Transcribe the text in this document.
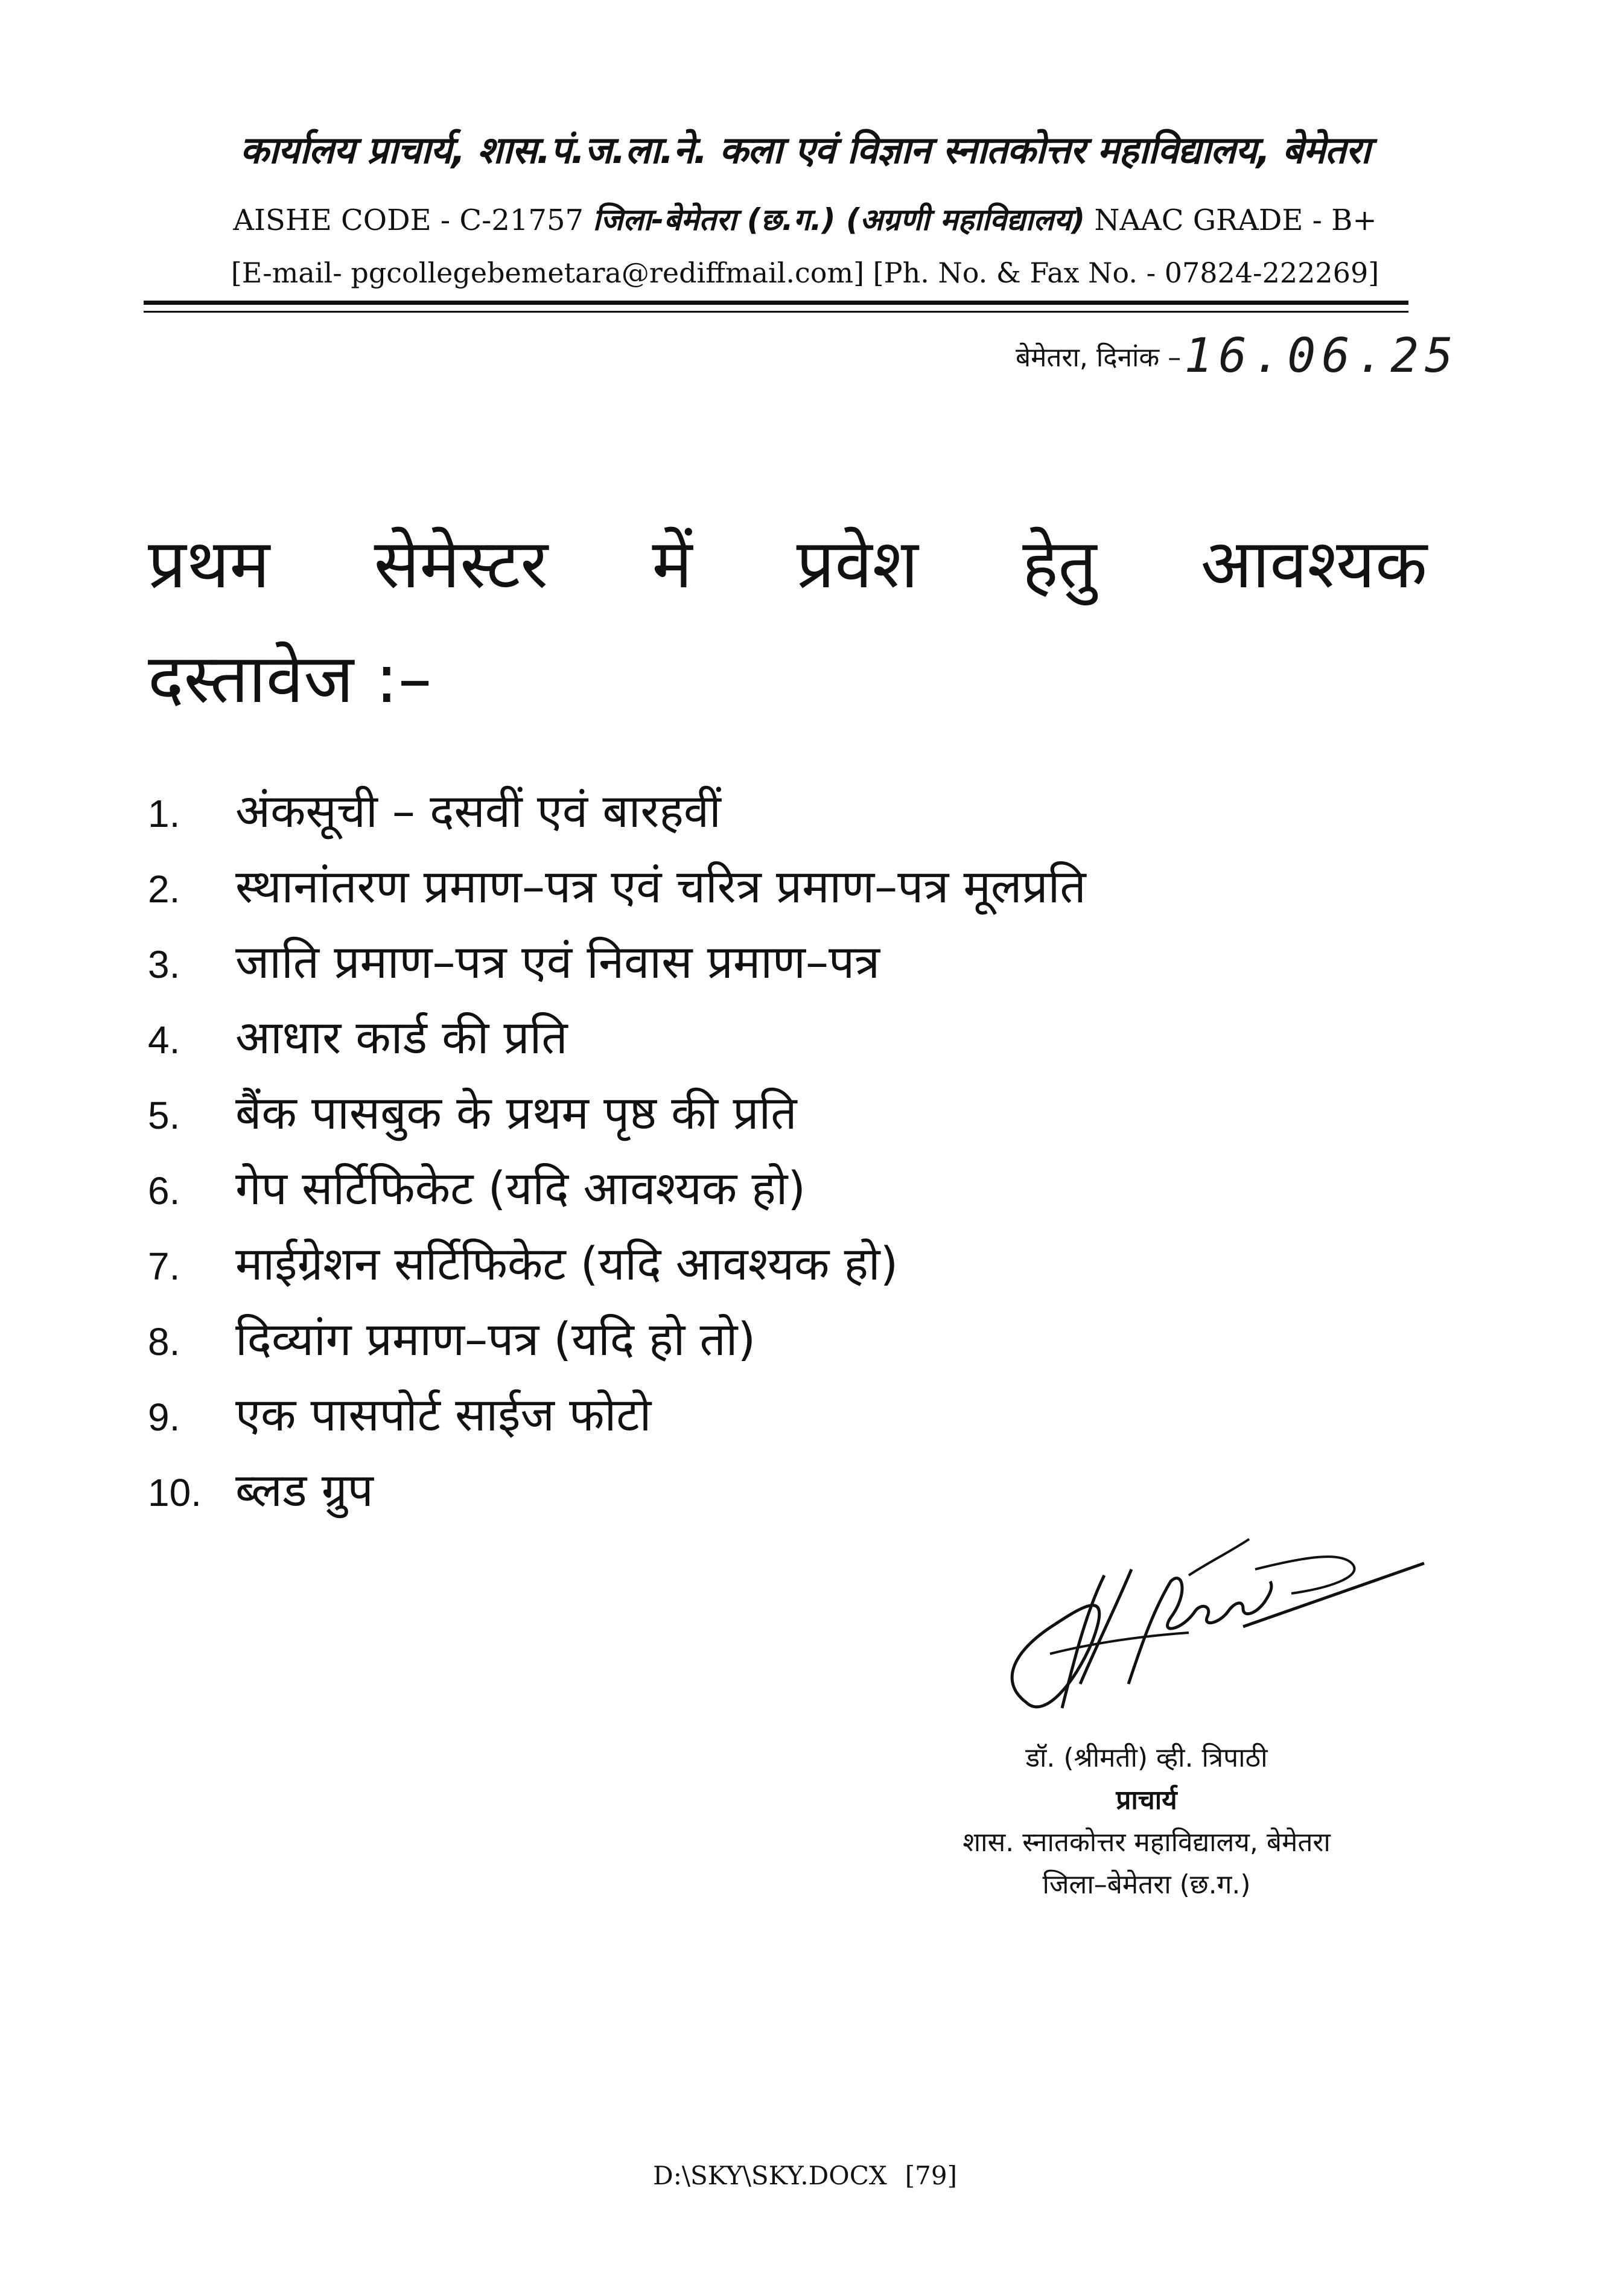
कार्यालय प्राचार्य, शास.पं.ज.ला.ने. कला एवं विज्ञान स्नातकोत्तर महाविद्यालय, बेमेतरा
AISHE CODE - C-21757 जिला-बेमेतरा (छ.ग.) (अग्रणी महाविद्यालय) NAAC GRADE - B+
[E-mail- pgcollegebemetara@rediffmail.com] [Ph. No. & Fax No. - 07824-222269]
बेमेतरा, दिनांक – 16.06.25
प्रथम सेमेस्टर में प्रवेश हेतु आवश्यक
दस्तावेज :–
1.	अंकसूची – दसवीं एवं बारहवीं
2.	स्थानांतरण प्रमाण–पत्र एवं चरित्र प्रमाण–पत्र मूलप्रति
3.	जाति प्रमाण–पत्र एवं निवास प्रमाण–पत्र
4.	आधार कार्ड की प्रति
5.	बैंक पासबुक के प्रथम पृष्ठ की प्रति
6.	गेप सर्टिफिकेट (यदि आवश्यक हो)
7.	माईग्रेशन सर्टिफिकेट (यदि आवश्यक हो)
8.	दिव्यांग प्रमाण–पत्र (यदि हो तो)
9.	एक पासपोर्ट साईज फोटो
10. ब्लड ग्रुप
डॉ. (श्रीमती) व्ही. त्रिपाठी
प्राचार्य
शास. स्नातकोत्तर महाविद्यालय, बेमेतरा
जिला–बेमेतरा (छ.ग.)
D:\SKY\SKY.DOCX [79]
